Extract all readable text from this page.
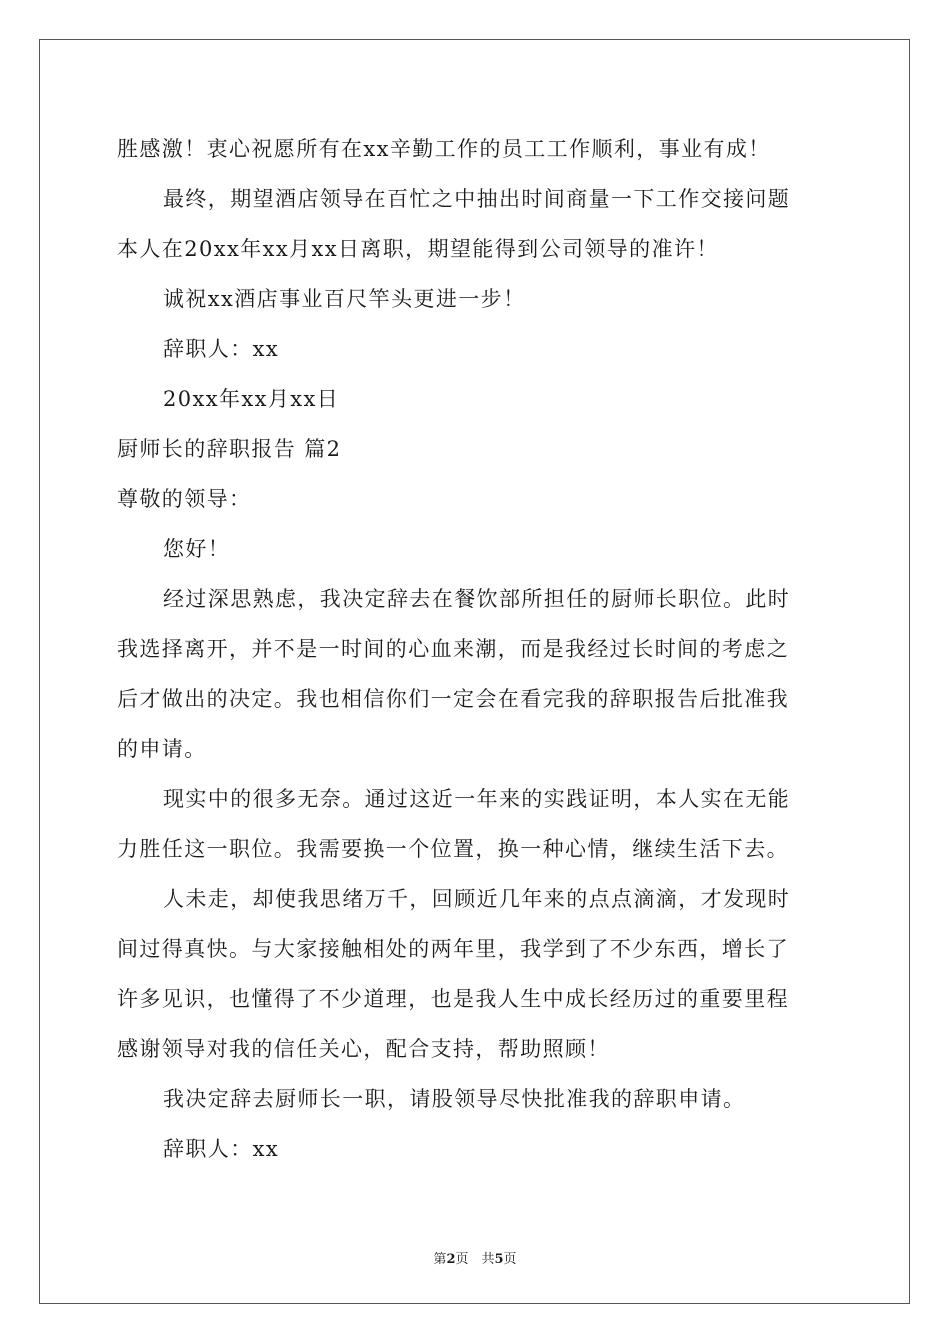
胜感激！衷心祝愿所有在xx辛勤工作的员工工作顺利，事业有成！
最终，期望酒店领导在百忙之中抽出时间商量一下工作交接问题
本人在20xx年xx月xx日离职，期望能得到公司领导的准许！
诚祝xx酒店事业百尺竿头更进一步！
辞职人：xx
20xx年xx月xx日
厨师长的辞职报告 篇2
尊敬的领导：
您好！
经过深思熟虑，我决定辞去在餐饮部所担任的厨师长职位。此时
我选择离开，并不是一时间的心血来潮，而是我经过长时间的考虑之
后才做出的决定。我也相信你们一定会在看完我的辞职报告后批准我
的申请。
现实中的很多无奈。通过这近一年来的实践证明，本人实在无能
力胜任这一职位。我需要换一个位置，换一种心情，继续生活下去。
人未走，却使我思绪万千，回顾近几年来的点点滴滴，才发现时
间过得真快。与大家接触相处的两年里，我学到了不少东西，增长了
许多见识，也懂得了不少道理，也是我人生中成长经历过的重要里程
感谢领导对我的信任关心，配合支持，帮助照顾！
我决定辞去厨师长一职，请股领导尽快批准我的辞职申请。
辞职人：xx
第2页　共5页
